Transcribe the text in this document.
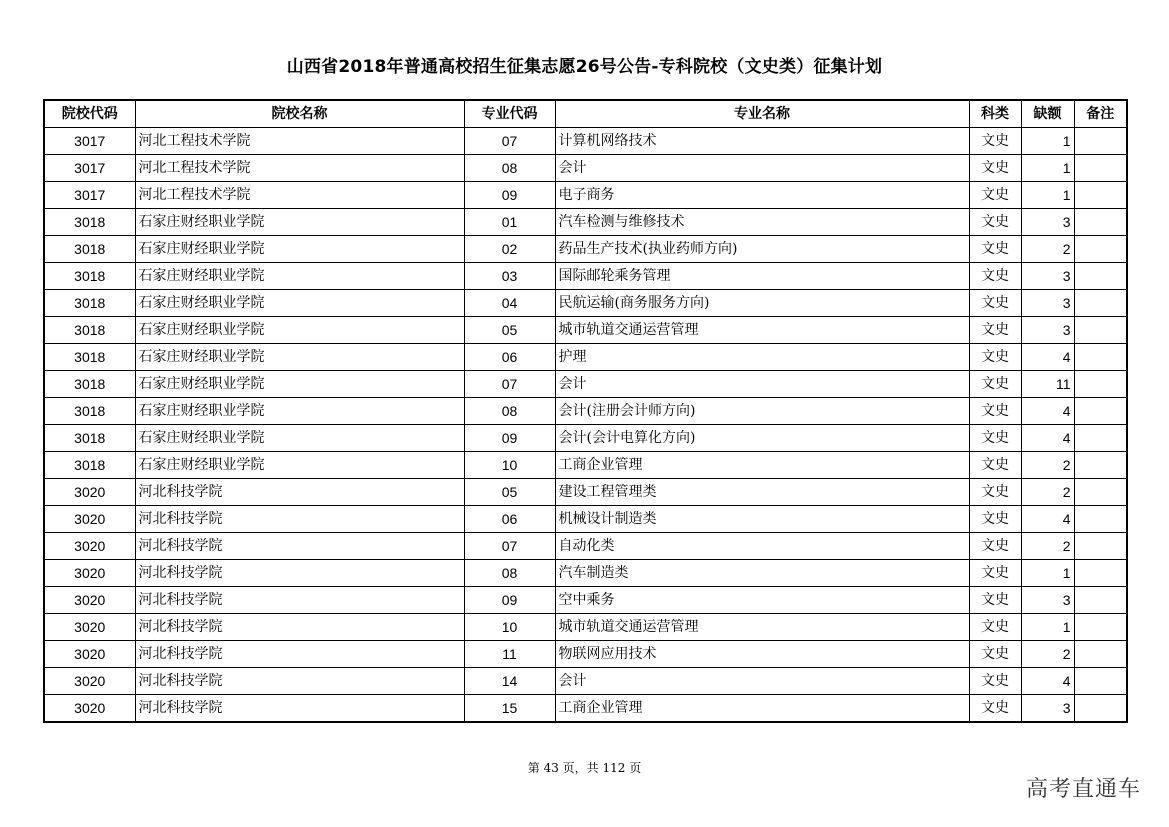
山西省2018年普通高校招生征集志愿26号公告-专科院校（文史类）征集计划
院校代码	院校名称	专业代码	专业名称	科类	缺额	备注
3017	河北工程技术学院	07	计算机网络技术	文史	1	
3017	河北工程技术学院	08	会计	文史	1	
3017	河北工程技术学院	09	电子商务	文史	1	
3018	石家庄财经职业学院	01	汽车检测与维修技术	文史	3	
3018	石家庄财经职业学院	02	药品生产技术(执业药师方向)	文史	2	
3018	石家庄财经职业学院	03	国际邮轮乘务管理	文史	3	
3018	石家庄财经职业学院	04	民航运输(商务服务方向)	文史	3	
3018	石家庄财经职业学院	05	城市轨道交通运营管理	文史	3	
3018	石家庄财经职业学院	06	护理	文史	4	
3018	石家庄财经职业学院	07	会计	文史	11	
3018	石家庄财经职业学院	08	会计(注册会计师方向)	文史	4	
3018	石家庄财经职业学院	09	会计(会计电算化方向)	文史	4	
3018	石家庄财经职业学院	10	工商企业管理	文史	2	
3020	河北科技学院	05	建设工程管理类	文史	2	
3020	河北科技学院	06	机械设计制造类	文史	4	
3020	河北科技学院	07	自动化类	文史	2	
3020	河北科技学院	08	汽车制造类	文史	1	
3020	河北科技学院	09	空中乘务	文史	3	
3020	河北科技学院	10	城市轨道交通运营管理	文史	1	
3020	河北科技学院	11	物联网应用技术	文史	2	
3020	河北科技学院	14	会计	文史	4	
3020	河北科技学院	15	工商企业管理	文史	3	
第 43 页，共 112 页
高考直通车
